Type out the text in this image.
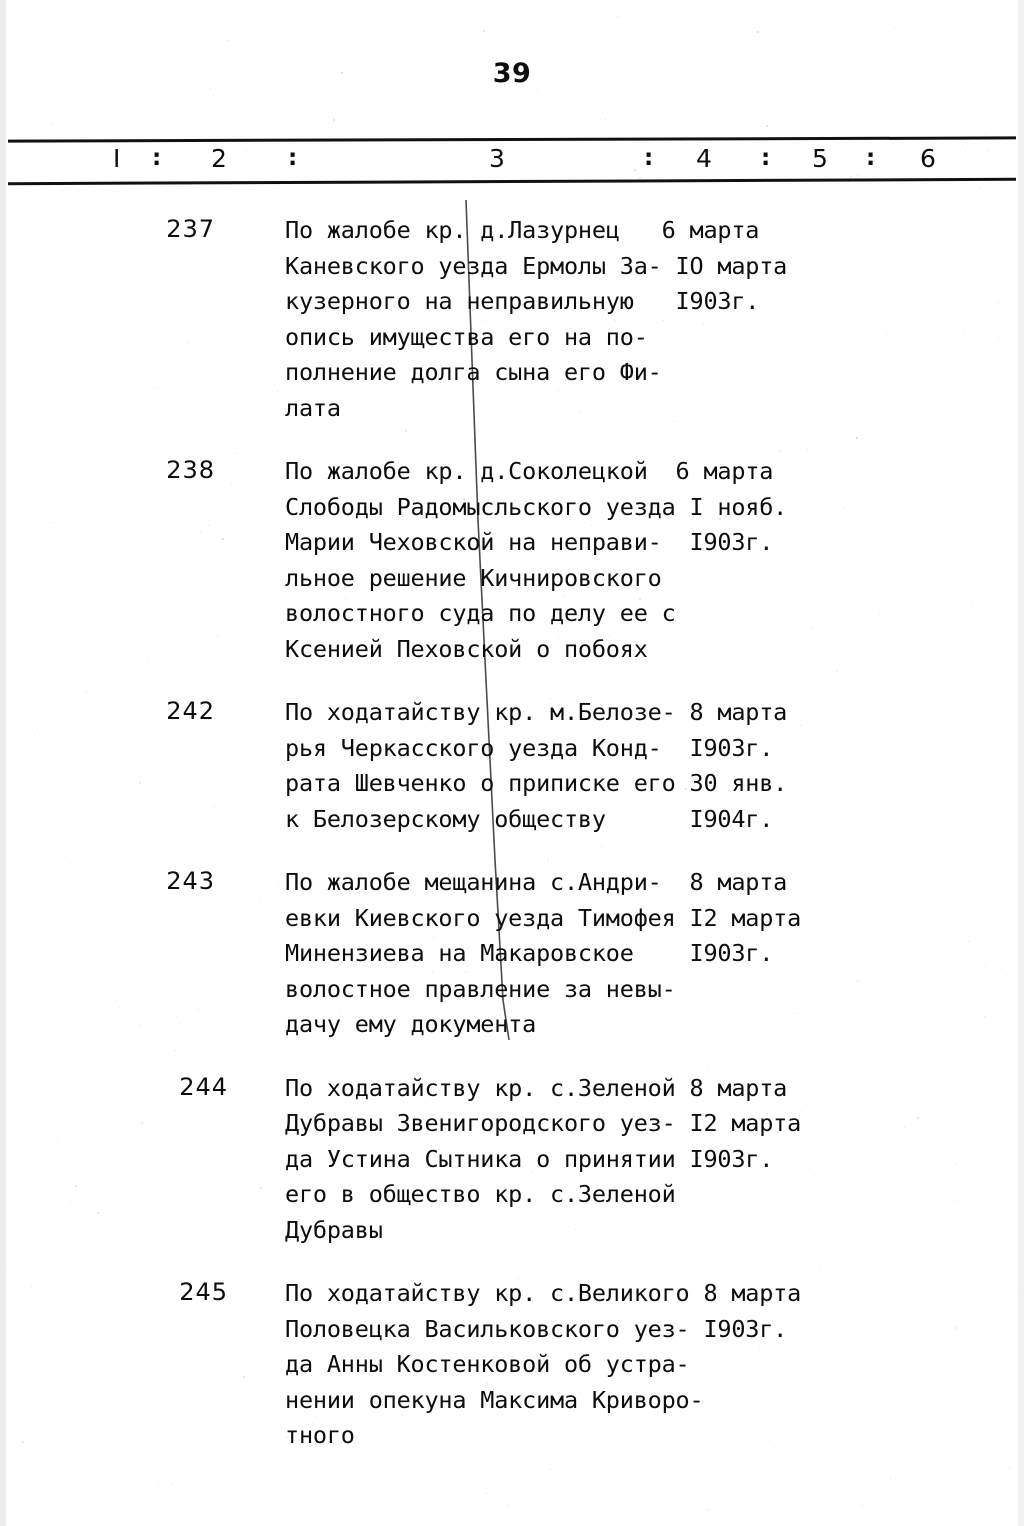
39
I : 2	:	3	: 4 : 5 : 6
237	По жалобе кр. д.Лазурнец   6 марта
Каневского уезда Ермолы За- IO марта
кузерного на неправильную   I903г.
опись имущества его на по-
полнение долга сына его Фи-
лата
238	По жалобе кр. д.Соколецкой  6 марта
Слободы Радомысльского уезда I нояб.
Марии Чеховской на неправи-  I903г.
льное решение Кичнировского
волостного суда по делу ее с
Ксенией Пеховской о побоях
242	По ходатайству кр. м.Белозе- 8 марта
рья Черкасского уезда Конд-  I903г.
рата Шевченко о приписке его 30 янв.
к Белозерскому обществу      I904г.
243	По жалобе мещанина с.Андри-  8 марта
евки Киевского уезда Тимофея I2 марта
Минензиева на Макаровское    I903г.
волостное правление за невы-
дачу ему документа
244 По ходатайству кр. с.Зеленой 8 марта
Дубравы Звенигородского уез- I2 марта
да Устина Сытника о принятии I903г.
его в общество кр. с.Зеленой
Дубравы
245 По ходатайству кр. с.Великого 8 марта
Половецка Васильковского уез- I903г.
да Анны Костенковой об устра-
нении опекуна Максима Криворо-
тного
